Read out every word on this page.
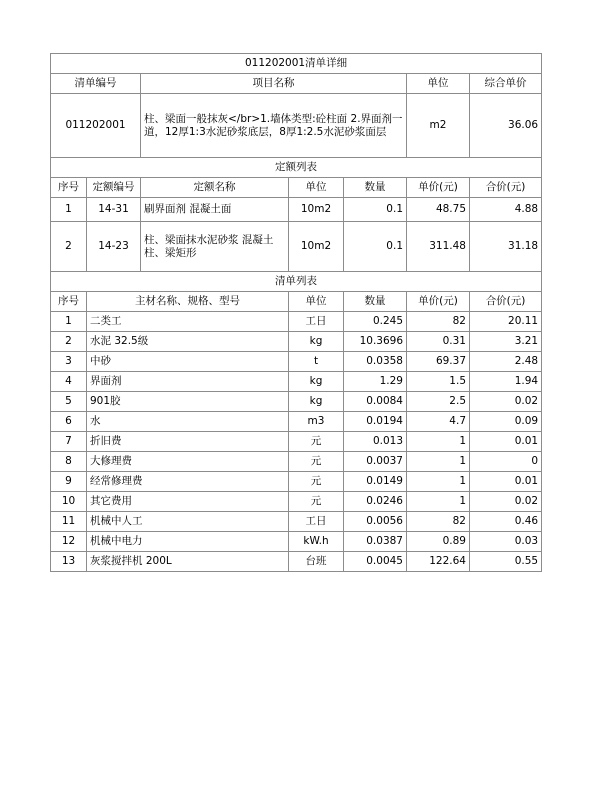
011202001清单详细						
清单编号		项目名称			单位	综合单价
011202001		柱、梁面一般抹灰</br>1.墙体类型:砼柱面 2.界面剂一道，12厚1:3水泥砂浆底层，8厚1:2.5水泥砂浆面层			m2	36.06
定额列表						
序号	定额编号	定额名称	单位	数量	单价(元)	合价(元)
1	14-31	刷界面剂 混凝土面	10m2	0.1	48.75	4.88
2	14-23	柱、梁面抹水泥砂浆 混凝土柱、梁矩形	10m2	0.1	311.48	31.18
清单列表						
序号	主材名称、规格、型号		单位	数量	单价(元)	合价(元)
1	二类工		工日	0.245	82	20.11
2	水泥 32.5级		kg	10.3696	0.31	3.21
3	中砂		t	0.0358	69.37	2.48
4	界面剂		kg	1.29	1.5	1.94
5	901胶		kg	0.0084	2.5	0.02
6	水		m3	0.0194	4.7	0.09
7	折旧费		元	0.013	1	0.01
8	大修理费		元	0.0037	1	0
9	经常修理费		元	0.0149	1	0.01
10	其它费用		元	0.0246	1	0.02
11	机械中人工		工日	0.0056	82	0.46
12	机械中电力		kW.h	0.0387	0.89	0.03
13	灰浆搅拌机 200L		台班	0.0045	122.64	0.55
